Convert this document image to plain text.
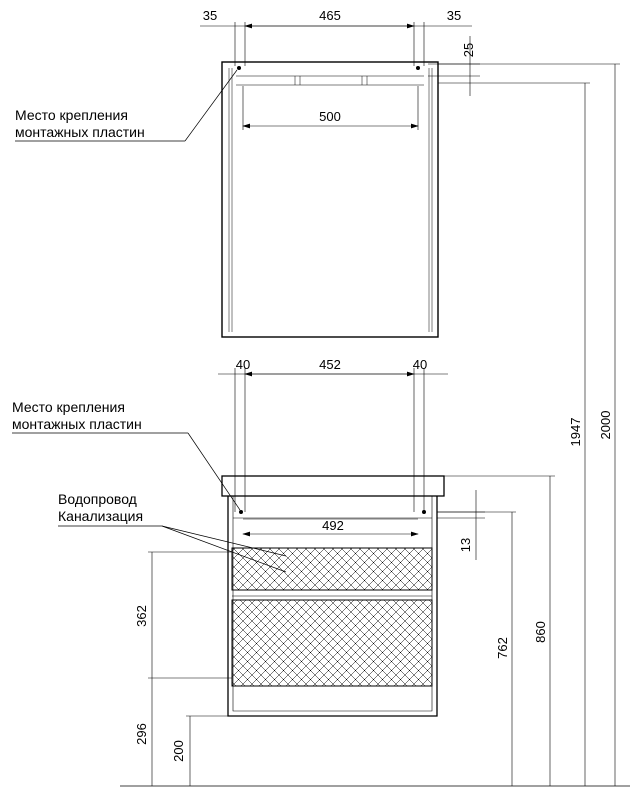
35	465	35
500
25
Место крепления
монтажных пластин
40	452	40
492
13
Место крепления
монтажных пластин
Водопровод
Канализация
362
296
200
762
860
1947 2000
